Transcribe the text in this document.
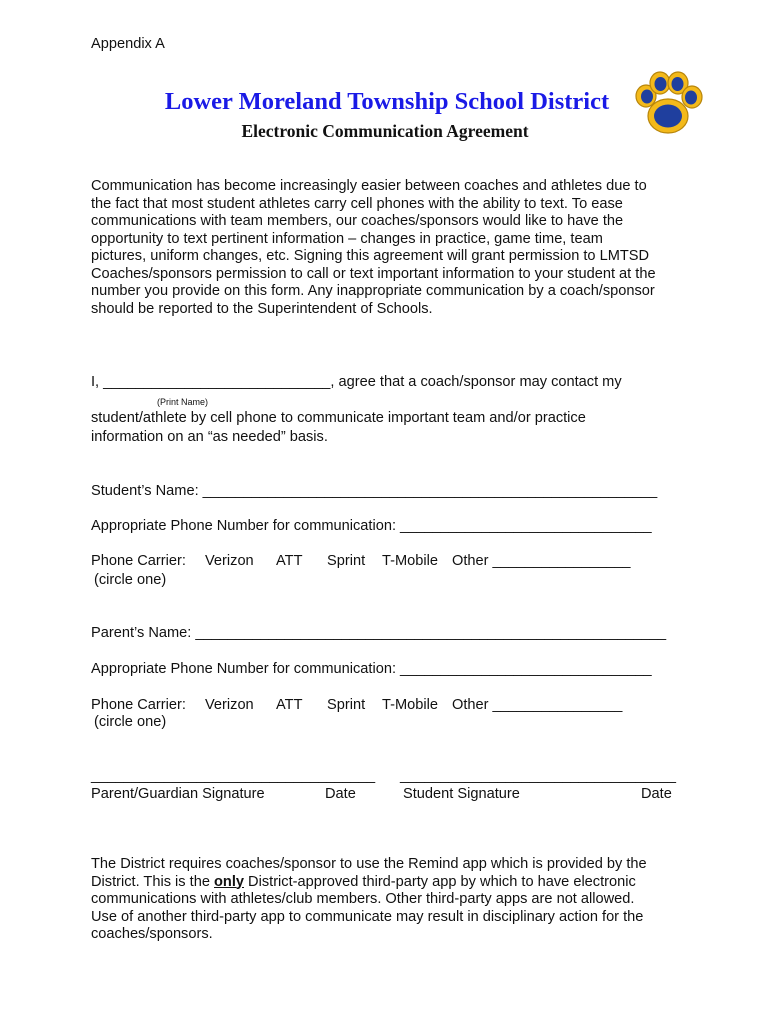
Appendix A
Lower Moreland Township School District
Electronic Communication Agreement
Communication has become increasingly easier between coaches and athletes due to
the fact that most student athletes carry cell phones with the ability to text. To ease
communications with team members, our coaches/sponsors would like to have the
opportunity to text pertinent information – changes in practice, game time, team
pictures, uniform changes, etc. Signing this agreement will grant permission to LMTSD
Coaches/sponsors permission to call or text important information to your student at the
number you provide on this form. Any inappropriate communication by a coach/sponsor
should be reported to the Superintendent of Schools.
I, ____________________________, agree that a coach/sponsor may contact my
(Print Name)
student/athlete by cell phone to communicate important team and/or practice
information on an “as needed” basis.
Student’s Name: ________________________________________________________
Appropriate Phone Number for communication: _______________________________
Phone Carrier: Verizon ATT Sprint T-Mobile Other _________________
(circle one)
Parent’s Name: __________________________________________________________
Appropriate Phone Number for communication: _______________________________
Phone Carrier: Verizon ATT Sprint T-Mobile Other ________________
(circle one)
___________________________________ __________________________________
Parent/Guardian Signature	Date	Student Signature	Date
The District requires coaches/sponsor to use the Remind app which is provided by the
District. This is the only District-approved third-party app by which to have electronic
communications with athletes/club members. Other third-party apps are not allowed.
Use of another third-party app to communicate may result in disciplinary action for the
coaches/sponsors.
